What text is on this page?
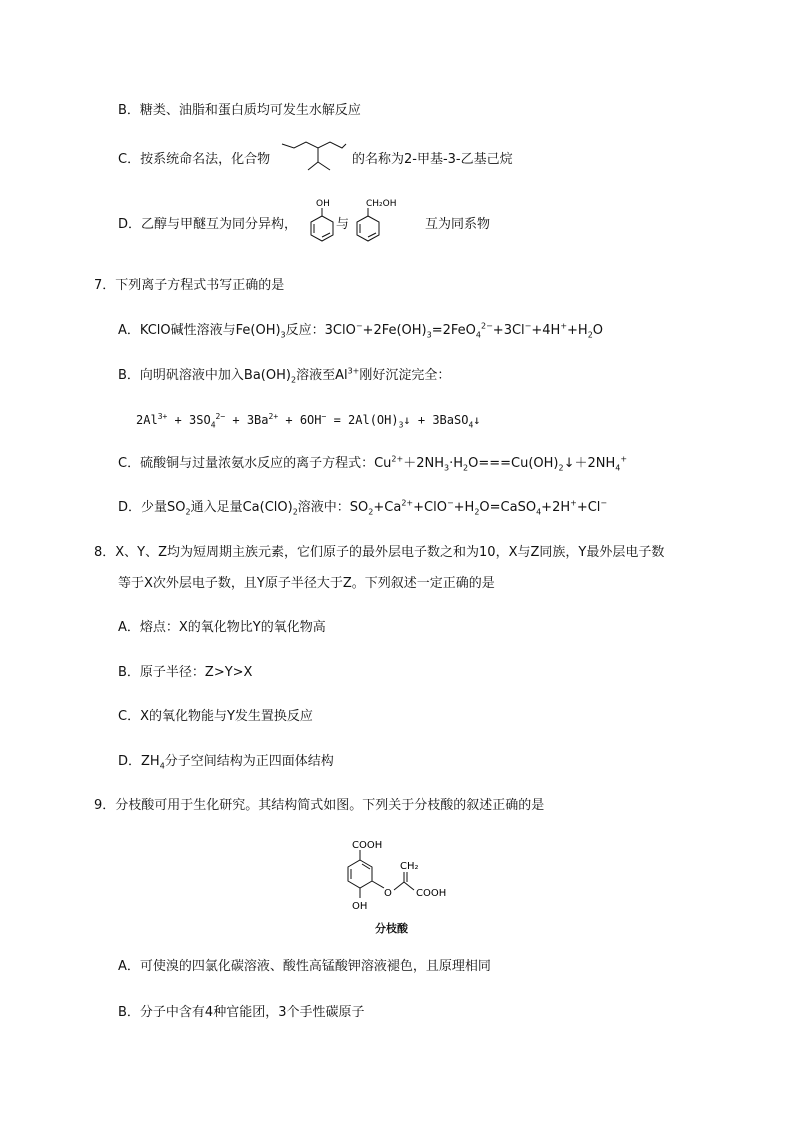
B．糖类、油脂和蛋白质均可发生水解反应
C．按系统命名法，化合物	的名称为2-甲基-3-乙基己烷
D．乙醇与甲醚互为同分异构，
OH
与
CH₂OH
互为同系物
7．下列离子方程式书写正确的是
A．KClO碱性溶液与$Fe(OH)_3$反应：$3ClO^-+2Fe(OH)_3=2FeO_4^{2-}+3Cl^-+4H^++H_2O$
B．向明矾溶液中加入$Ba(OH)_2$溶液至$Al^{3+}$刚好沉淀完全：
$2Al^{3+} + 3SO_4^{2-} + 3Ba^{2+} + 6OH^-$ = $2Al(OH)_3↓$ + 3BaSO$_4$↓
C．硫酸铜与过量浓氨水反应的离子方程式：$Cu^{2+}+2NH_3\cdot H_2O===Cu(OH)_2↓+2NH_4^+$
D．少量$SO_2$通入足量$Ca(ClO)_2$溶液中：$SO_2+Ca^{2+}+ClO^-+H_2O=CaSO_4+2H^++Cl^-$
8．X、Y、Z均为短周期主族元素，它们原子的最外层电子数之和为10，X与Z同族，Y最外层电子数
等于X次外层电子数，且Y原子半径大于Z。下列叙述一定正确的是
A．熔点：X的氧化物比Y的氧化物高
B．原子半径：Z>Y>X
C．X的氧化物能与Y发生置换反应
D．$ZH_4$分子空间结构为正四面体结构
9．分枝酸可用于生化研究。其结构简式如图。下列关于分枝酸的叙述正确的是
COOH
OH
O
CH₂
COOH
分枝酸
A．可使溴的四氯化碳溶液、酸性高锰酸钾溶液褪色，且原理相同
B．分子中含有4种官能团，3个手性碳原子
